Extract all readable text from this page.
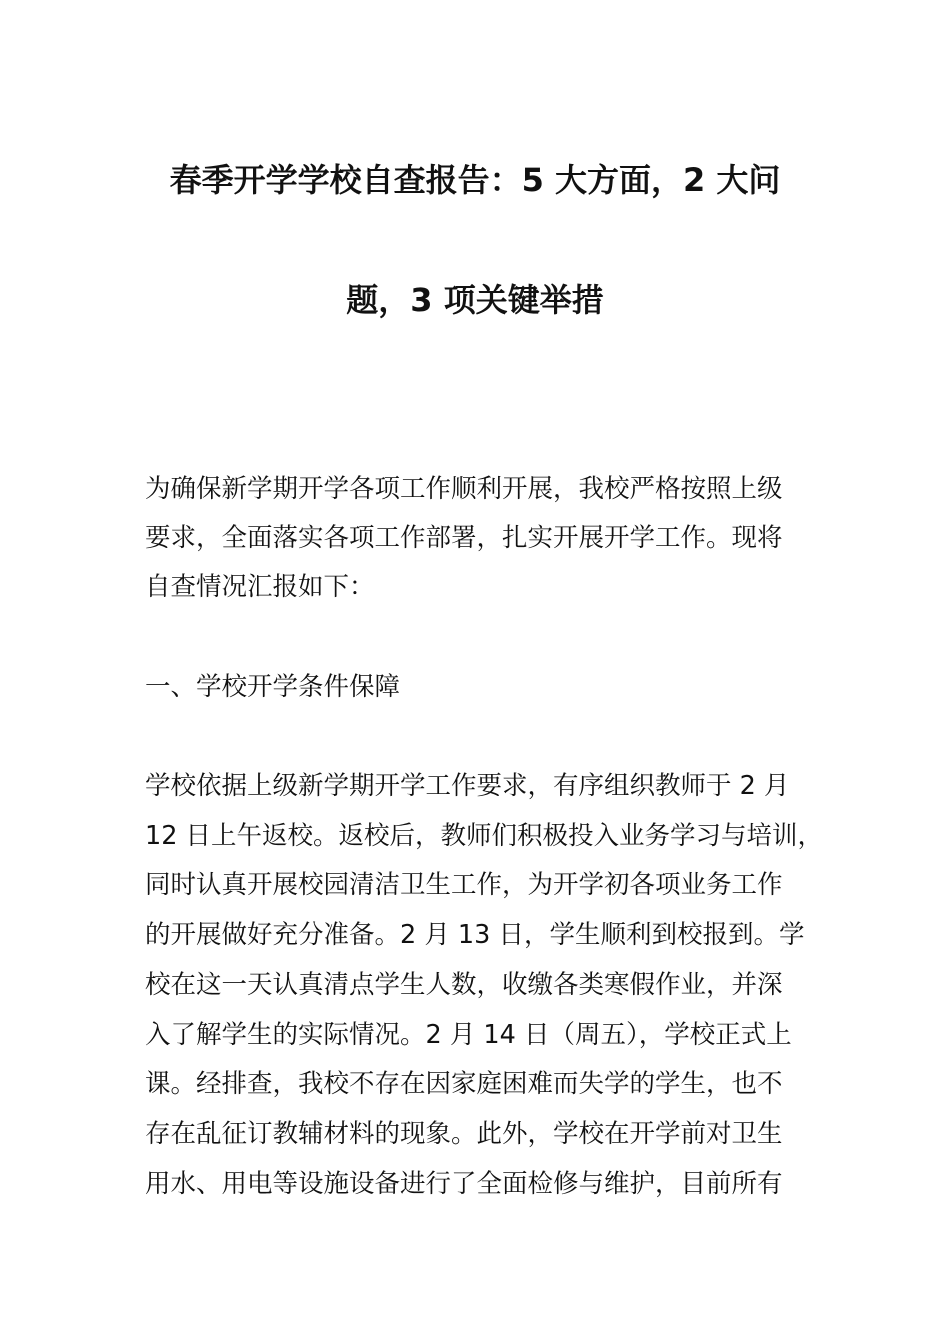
春季开学学校自查报告：5 大方面，2 大问
题，3 项关键举措
为确保新学期开学各项工作顺利开展，我校严格按照上级
要求，全面落实各项工作部署，扎实开展开学工作。现将
自查情况汇报如下：
一、学校开学条件保障
学校依据上级新学期开学工作要求，有序组织教师于 2 月
12 日上午返校。返校后，教师们积极投入业务学习与培训，
同时认真开展校园清洁卫生工作，为开学初各项业务工作
的开展做好充分准备。2 月 13 日，学生顺利到校报到。学
校在这一天认真清点学生人数，收缴各类寒假作业，并深
入了解学生的实际情况。2 月 14 日（周五），学校正式上
课。经排查，我校不存在因家庭困难而失学的学生，也不
存在乱征订教辅材料的现象。此外，学校在开学前对卫生
用水、用电等设施设备进行了全面检修与维护，目前所有
